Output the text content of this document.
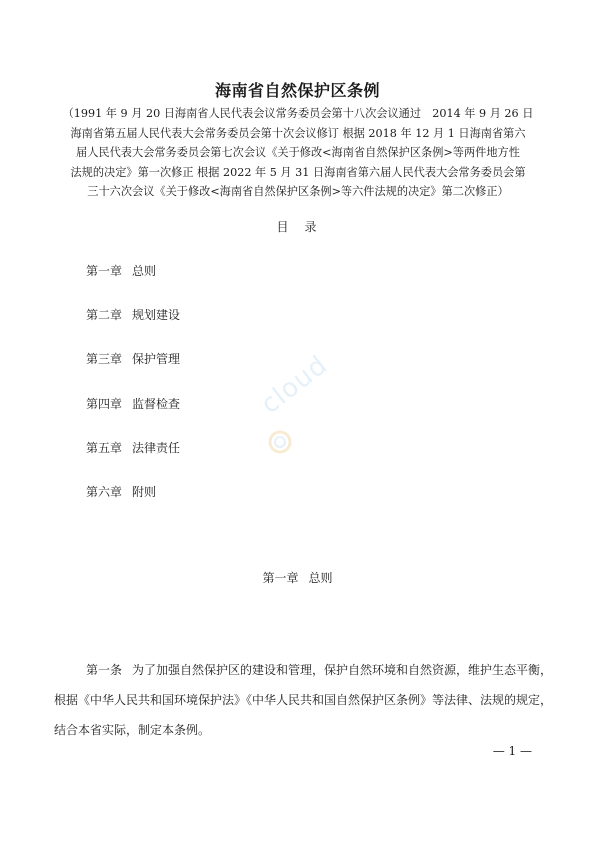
海南省自然保护区条例
（1991 年 9 月 20 日海南省人民代表会议常务委员会第十八次会议通过　2014 年 9 月 26 日
海南省第五届人民代表大会常务委员会第十次会议修订 根据 2018 年 12 月 1 日海南省第六
届人民代表大会常务委员会第七次会议《关于修改<海南省自然保护区条例>等两件地方性
法规的决定》第一次修正 根据 2022 年 5 月 31 日海南省第六届人民代表大会常务委员会第
三十六次会议《关于修改<海南省自然保护区条例>等六件法规的决定》第二次修正）
目 录
第一章 总则
第二章 规划建设
第三章 保护管理
第四章 监督检查
第五章 法律责任
第六章 附则
cloud
第一章 总则
第一条 为了加强自然保护区的建设和管理，保护自然环境和自然资源，维护生态平衡，
根据《中华人民共和国环境保护法》《中华人民共和国自然保护区条例》等法律、法规的规定，
结合本省实际，制定本条例。
— 1 —
